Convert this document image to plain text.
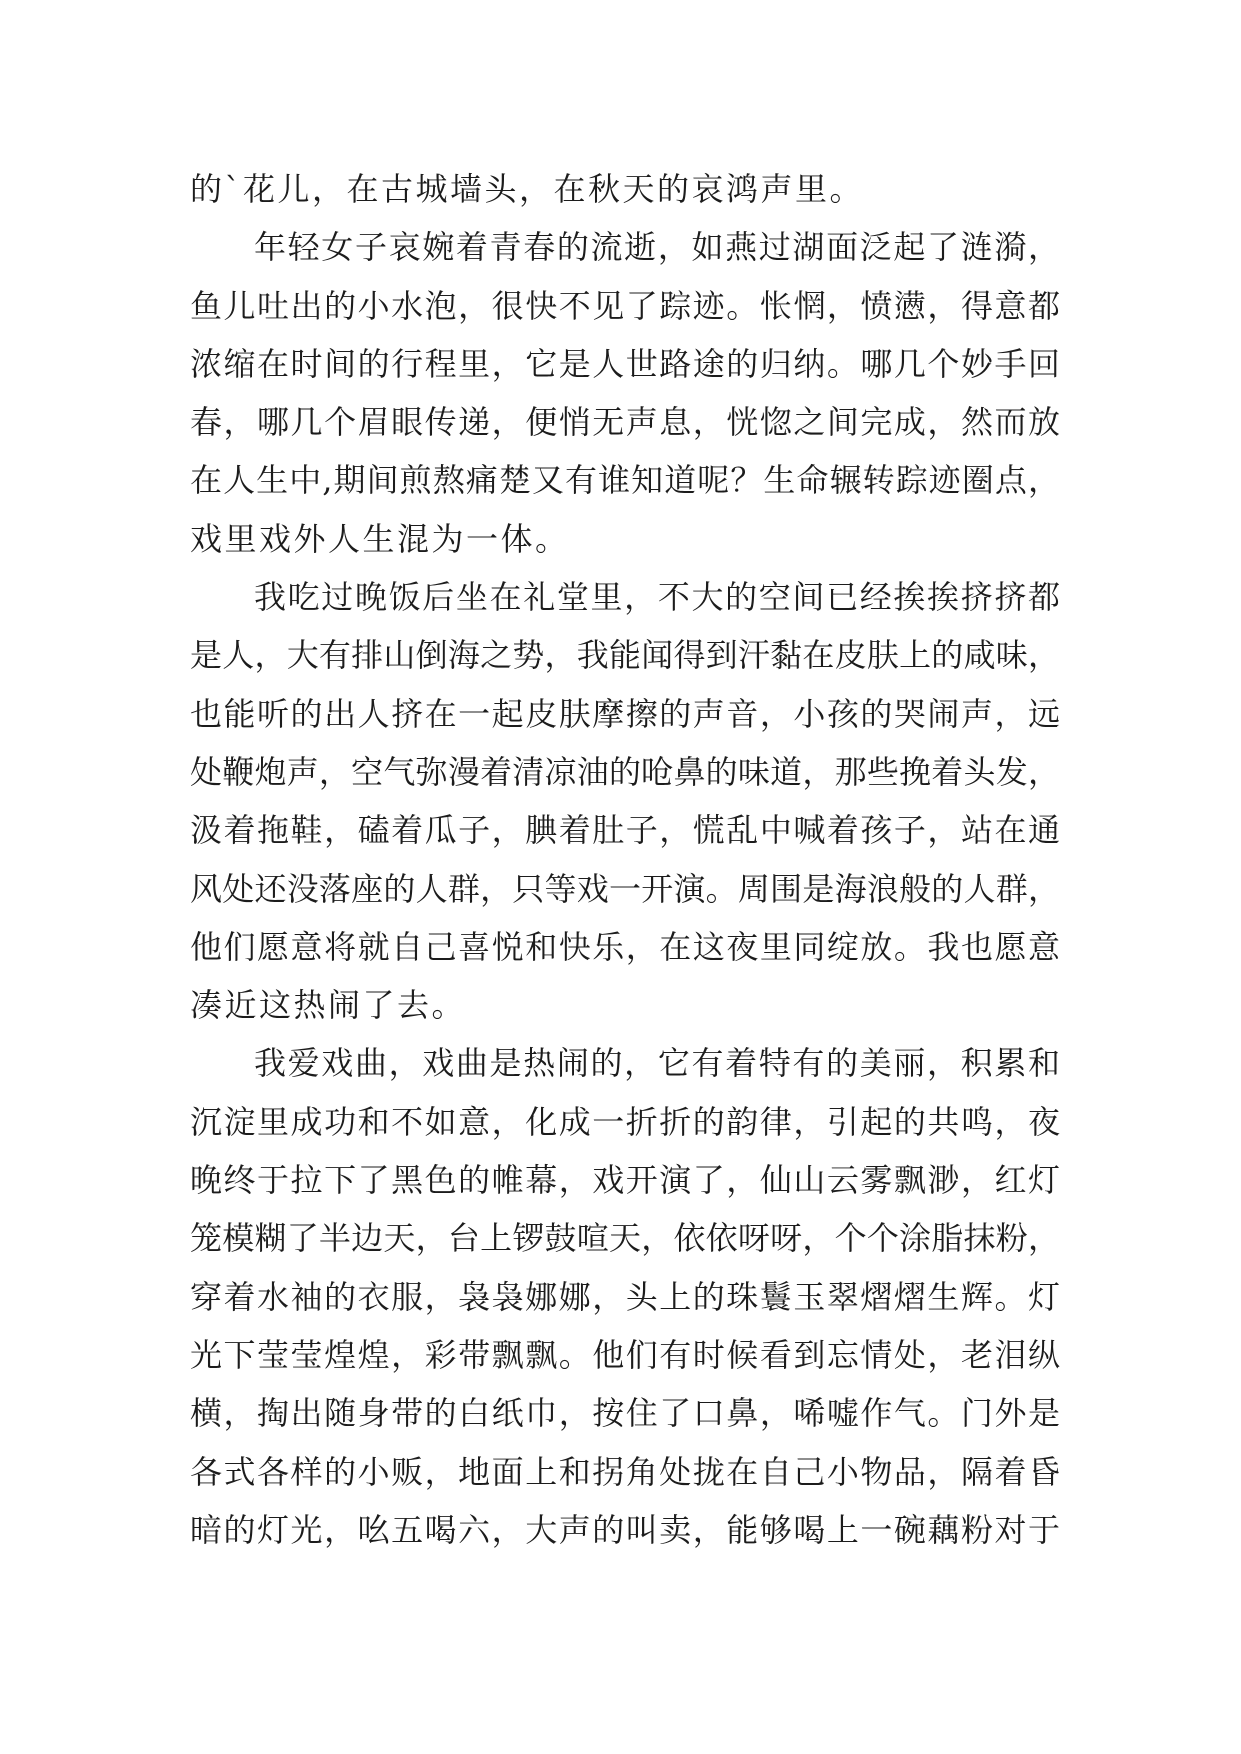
的`花儿，在古城墙头，在秋天的哀鸿声里。
年轻女子哀婉着青春的流逝，如燕过湖面泛起了涟漪，
鱼儿吐出的小水泡，很快不见了踪迹。怅惘，愤懑，得意都
浓缩在时间的行程里，它是人世路途的归纳。哪几个妙手回
春，哪几个眉眼传递，便悄无声息，恍惚之间完成，然而放
在人生中,期间煎熬痛楚又有谁知道呢？生命辗转踪迹圈点，
戏里戏外人生混为一体。
我吃过晚饭后坐在礼堂里，不大的空间已经挨挨挤挤都
是人，大有排山倒海之势，我能闻得到汗黏在皮肤上的咸味，
也能听的出人挤在一起皮肤摩擦的声音，小孩的哭闹声，远
处鞭炮声，空气弥漫着清凉油的呛鼻的味道，那些挽着头发，
汲着拖鞋，磕着瓜子，腆着肚子，慌乱中喊着孩子，站在通
风处还没落座的人群，只等戏一开演。周围是海浪般的人群，
他们愿意将就自己喜悦和快乐，在这夜里同绽放。我也愿意
凑近这热闹了去。
我爱戏曲，戏曲是热闹的，它有着特有的美丽，积累和
沉淀里成功和不如意，化成一折折的韵律，引起的共鸣，夜
晚终于拉下了黑色的帷幕，戏开演了，仙山云雾飘渺，红灯
笼模糊了半边天，台上锣鼓喧天，依依呀呀，个个涂脂抹粉，
穿着水袖的衣服，袅袅娜娜，头上的珠鬟玉翠熠熠生辉。灯
光下莹莹煌煌，彩带飘飘。他们有时候看到忘情处，老泪纵
横，掏出随身带的白纸巾，按住了口鼻，唏嘘作气。门外是
各式各样的小贩，地面上和拐角处拢在自己小物品，隔着昏
暗的灯光，吆五喝六，大声的叫卖，能够喝上一碗藕粉对于
